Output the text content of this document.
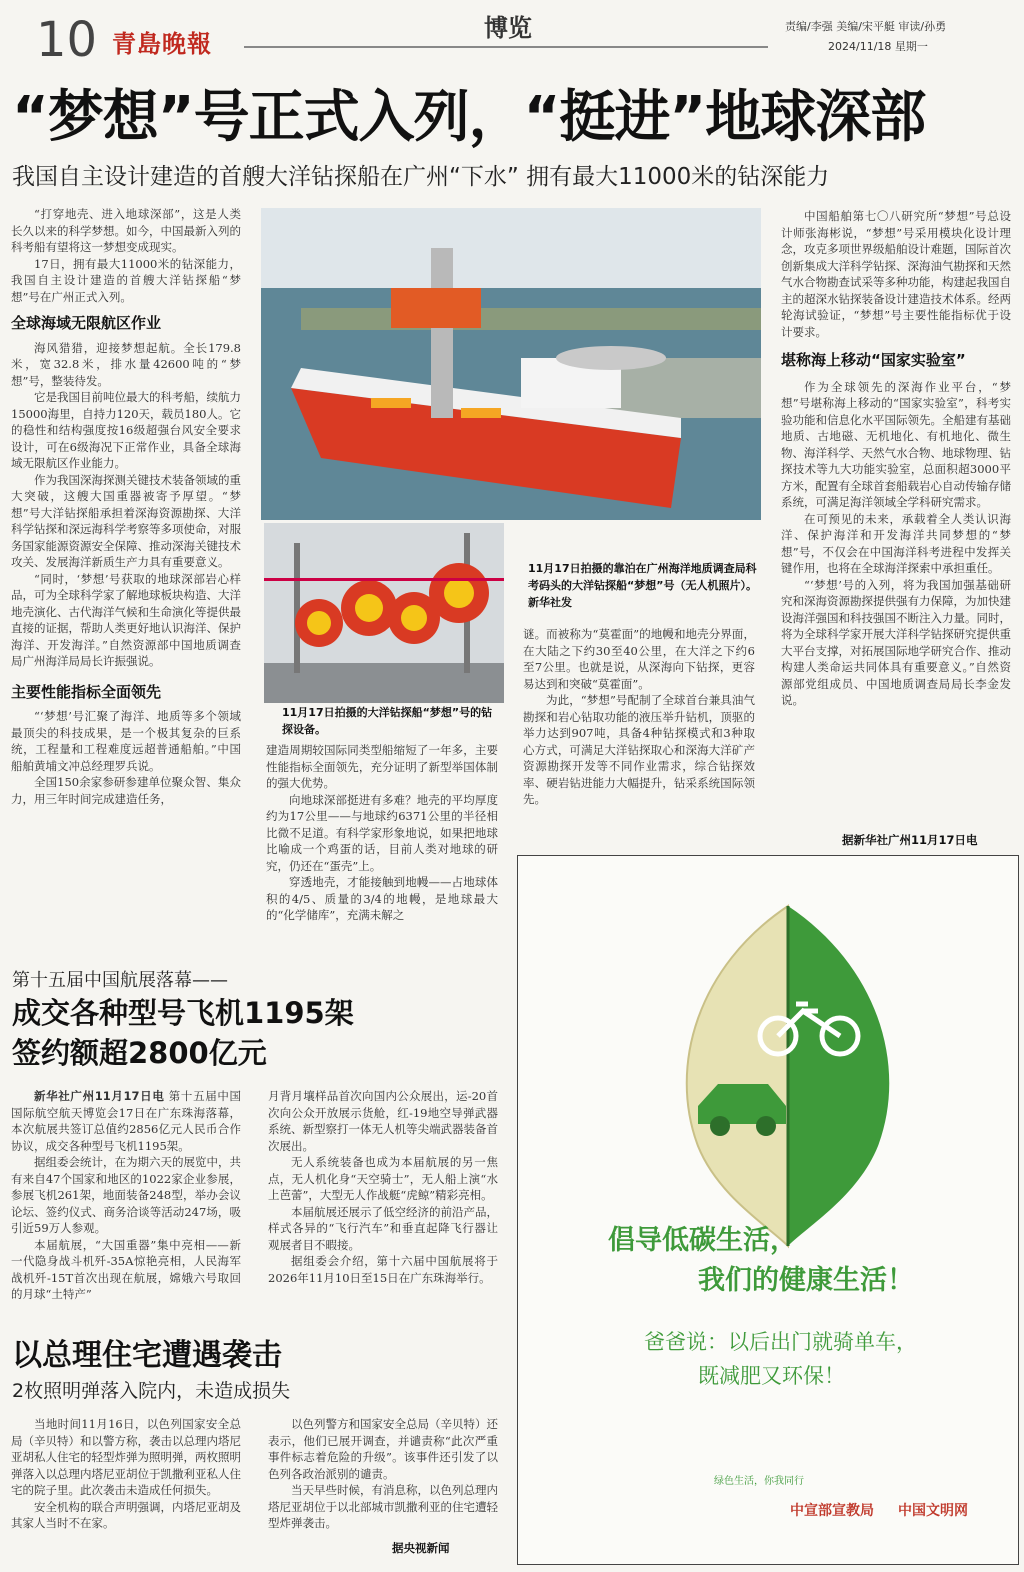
10 青島晚報
博览	责编/李强 美编/宋平艇 审读/孙勇
2024/11/18 星期一
“梦想”号正式入列，“挺进”地球深部
我国自主设计建造的首艘大洋钻探船在广州“下水” 拥有最大11000米的钻深能力

“打穿地壳、进入地球深部”，这是人类长久以来的科学梦想。如今，中国最新入列的科考船有望将这一梦想变成现实。

17日，拥有最大11000米的钻深能力，我国自主设计建造的首艘大洋钻探船“梦想”号在广州正式入列。

全球海域无限航区作业

海风猎猎，迎接梦想起航。全长179.8米，宽32.8米，排水量42600吨的“梦想”号，整装待发。

它是我国目前吨位最大的科考船，续航力15000海里，自持力120天，载员180人。它的稳性和结构强度按16级超强台风安全要求设计，可在6级海况下正常作业，具备全球海域无限航区作业能力。

作为我国深海探测关键技术装备领域的重大突破，这艘大国重器被寄予厚望。“梦想”号大洋钻探船承担着深海资源勘探、大洋科学钻探和深远海科学考察等多项使命，对服务国家能源资源安全保障、推动深海关键技术攻关、发展海洋新质生产力具有重要意义。

“同时，‘梦想’号获取的地球深部岩心样品，可为全球科学家了解地球板块构造、大洋地壳演化、古代海洋气候和生命演化等提供最直接的证据，帮助人类更好地认识海洋、保护海洋、开发海洋。”自然资源部中国地质调查局广州海洋局局长许振强说。

主要性能指标全面领先

“‘梦想’号汇聚了海洋、地质等多个领域最顶尖的科技成果，是一个极其复杂的巨系统，工程量和工程难度远超普通船舶。”中国船舶黄埔文冲总经理罗兵说。

全国150余家参研参建单位聚众智、集众力，用三年时间完成建造任务，

11月17日拍摄的大洋钻探船“梦想”号的钻探设备。
11月17日拍摄的靠泊在广州海洋地质调查局科考码头的大洋钻探船“梦想”号（无人机照片）。新华社发

建造周期较国际同类型船缩短了一年多，主要性能指标全面领先，充分证明了新型举国体制的强大优势。

向地球深部挺进有多难？地壳的平均厚度约为17公里——与地球约6371公里的半径相比微不足道。有科学家形象地说，如果把地球比喻成一个鸡蛋的话，目前人类对地球的研究，仍还在“蛋壳”上。

穿透地壳，才能接触到地幔——占地球体积的4/5、质量的3/4的地幔，是地球最大的“化学储库”，充满未解之

谜。而被称为“莫霍面”的地幔和地壳分界面，在大陆之下约30至40公里，在大洋之下约6至7公里。也就是说，从深海向下钻探，更容易达到和突破“莫霍面”。

为此，“梦想”号配制了全球首台兼具油气勘探和岩心钻取功能的液压举升钻机，顶驱的举力达到907吨，具备4种钻探模式和3种取心方式，可满足大洋钻探取心和深海大洋矿产资源勘探开发等不同作业需求，综合钻探效率、硬岩钻进能力大幅提升，钻采系统国际领先。

中国船舶第七〇八研究所“梦想”号总设计师张海彬说，“梦想”号采用模块化设计理念，攻克多项世界级船舶设计难题，国际首次创新集成大洋科学钻探、深海油气勘探和天然气水合物勘查试采等多种功能，构建起我国自主的超深水钻探装备设计建造技术体系。经两轮海试验证，“梦想”号主要性能指标优于设计要求。

堪称海上移动“国家实验室”

作为全球领先的深海作业平台，“梦想”号堪称海上移动的“国家实验室”，科考实验功能和信息化水平国际领先。全船建有基础地质、古地磁、无机地化、有机地化、微生物、海洋科学、天然气水合物、地球物理、钻探技术等九大功能实验室，总面积超3000平方米，配置有全球首套船载岩心自动传输存储系统，可满足海洋领域全学科研究需求。

在可预见的未来，承载着全人类认识海洋、保护海洋和开发海洋共同梦想的“梦想”号，不仅会在中国海洋科考进程中发挥关键作用，也将在全球海洋探索中承担重任。

“‘梦想’号的入列，将为我国加强基础研究和深海资源勘探提供强有力保障，为加快建设海洋强国和科技强国不断注入力量。同时，将为全球科学家开展大洋科学钻探研究提供重大平台支撑，对拓展国际地学研究合作、推动构建人类命运共同体具有重要意义。”自然资源部党组成员、中国地质调查局局长李金发说。

据新华社广州11月17日电
第十五届中国航展落幕——
成交各种型号飞机1195架
签约额超2800亿元

新华社广州11月17日电 第十五届中国国际航空航天博览会17日在广东珠海落幕，本次航展共签订总值约2856亿元人民币合作协议，成交各种型号飞机1195架。

据组委会统计，在为期六天的展览中，共有来自47个国家和地区的1022家企业参展，参展飞机261架，地面装备248型，举办会议论坛、签约仪式、商务洽谈等活动247场，吸引近59万人参观。

本届航展，“大国重器”集中亮相——新一代隐身战斗机歼-35A惊艳亮相，人民海军战机歼-15T首次出现在航展，嫦娥六号取回的月球“土特产”

月背月壤样品首次向国内公众展出，运-20首次向公众开放展示货舱，红-19地空导弹武器系统、新型察打一体无人机等尖端武器装备首次展出。

无人系统装备也成为本届航展的另一焦点，无人机化身“天空骑士”，无人船上演“水上芭蕾”，大型无人作战艇“虎鲸”精彩亮相。

本届航展还展示了低空经济的前沿产品，样式各异的“飞行汽车”和垂直起降飞行器让观展者目不暇接。

据组委会介绍，第十六届中国航展将于2026年11月10日至15日在广东珠海举行。

以总理住宅遭遇袭击
2枚照明弹落入院内，未造成损失

当地时间11月16日，以色列国家安全总局（辛贝特）和以警方称，袭击以总理内塔尼亚胡私人住宅的轻型炸弹为照明弹，两枚照明弹落入以总理内塔尼亚胡位于凯撒利亚私人住宅的院子里。此次袭击未造成任何损失。

安全机构的联合声明强调，内塔尼亚胡及其家人当时不在家。

以色列警方和国家安全总局（辛贝特）还表示，他们已展开调查，并谴责称“此次严重事件标志着危险的升级”。该事件还引发了以色列各政治派别的谴责。

当天早些时候，有消息称，以色列总理内塔尼亚胡位于以北部城市凯撒利亚的住宅遭轻型炸弹袭击。

据央视新闻
倡导低碳生活，
我们的健康生活！
爸爸说：以后出门就骑单车，
既减肥又环保！
绿色生活，你我同行
中宣部宣教局 中国文明网
